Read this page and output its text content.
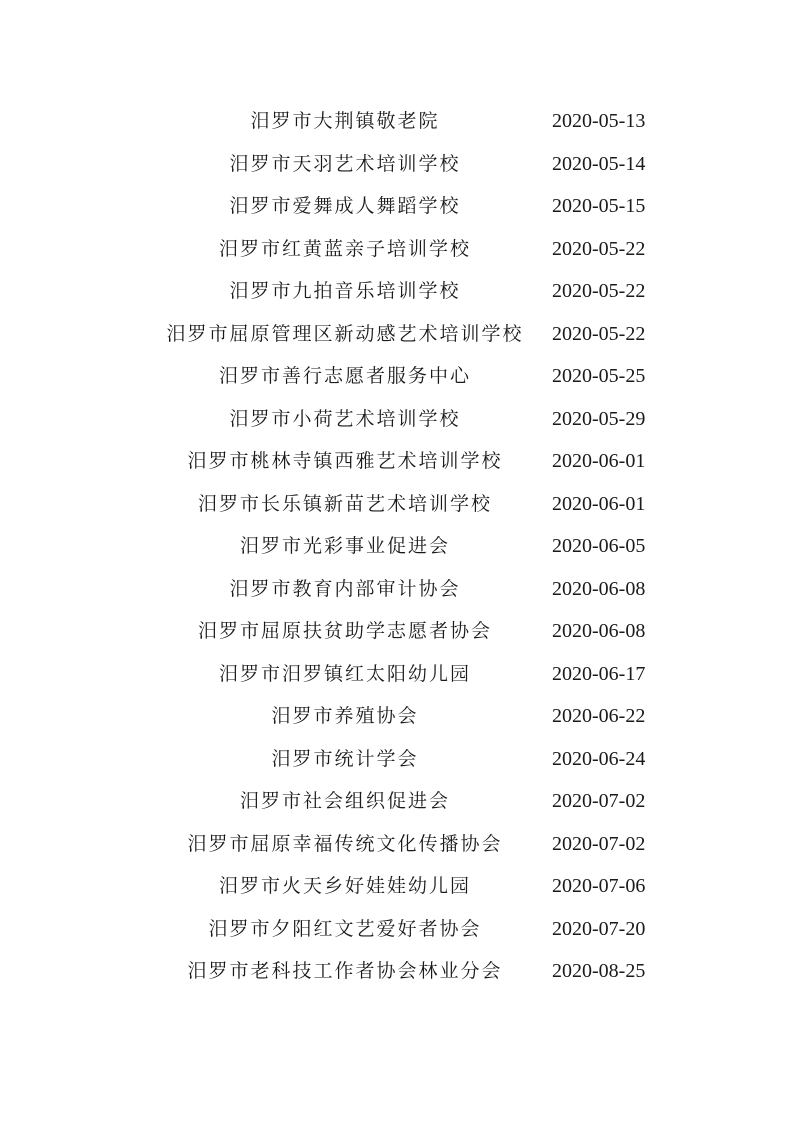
汨罗市大荆镇敬老院	2020-05-13
汨罗市天羽艺术培训学校	2020-05-14
汨罗市爱舞成人舞蹈学校	2020-05-15
汨罗市红黄蓝亲子培训学校	2020-05-22
汨罗市九拍音乐培训学校	2020-05-22
汨罗市屈原管理区新动感艺术培训学校	2020-05-22
汨罗市善行志愿者服务中心	2020-05-25
汨罗市小荷艺术培训学校	2020-05-29
汨罗市桃林寺镇西雅艺术培训学校	2020-06-01
汨罗市长乐镇新苗艺术培训学校	2020-06-01
汨罗市光彩事业促进会	2020-06-05
汨罗市教育内部审计协会	2020-06-08
汨罗市屈原扶贫助学志愿者协会	2020-06-08
汨罗市汨罗镇红太阳幼儿园	2020-06-17
汨罗市养殖协会	2020-06-22
汨罗市统计学会	2020-06-24
汨罗市社会组织促进会	2020-07-02
汨罗市屈原幸福传统文化传播协会	2020-07-02
汨罗市火天乡好娃娃幼儿园	2020-07-06
汨罗市夕阳红文艺爱好者协会	2020-07-20
汨罗市老科技工作者协会林业分会	2020-08-25
